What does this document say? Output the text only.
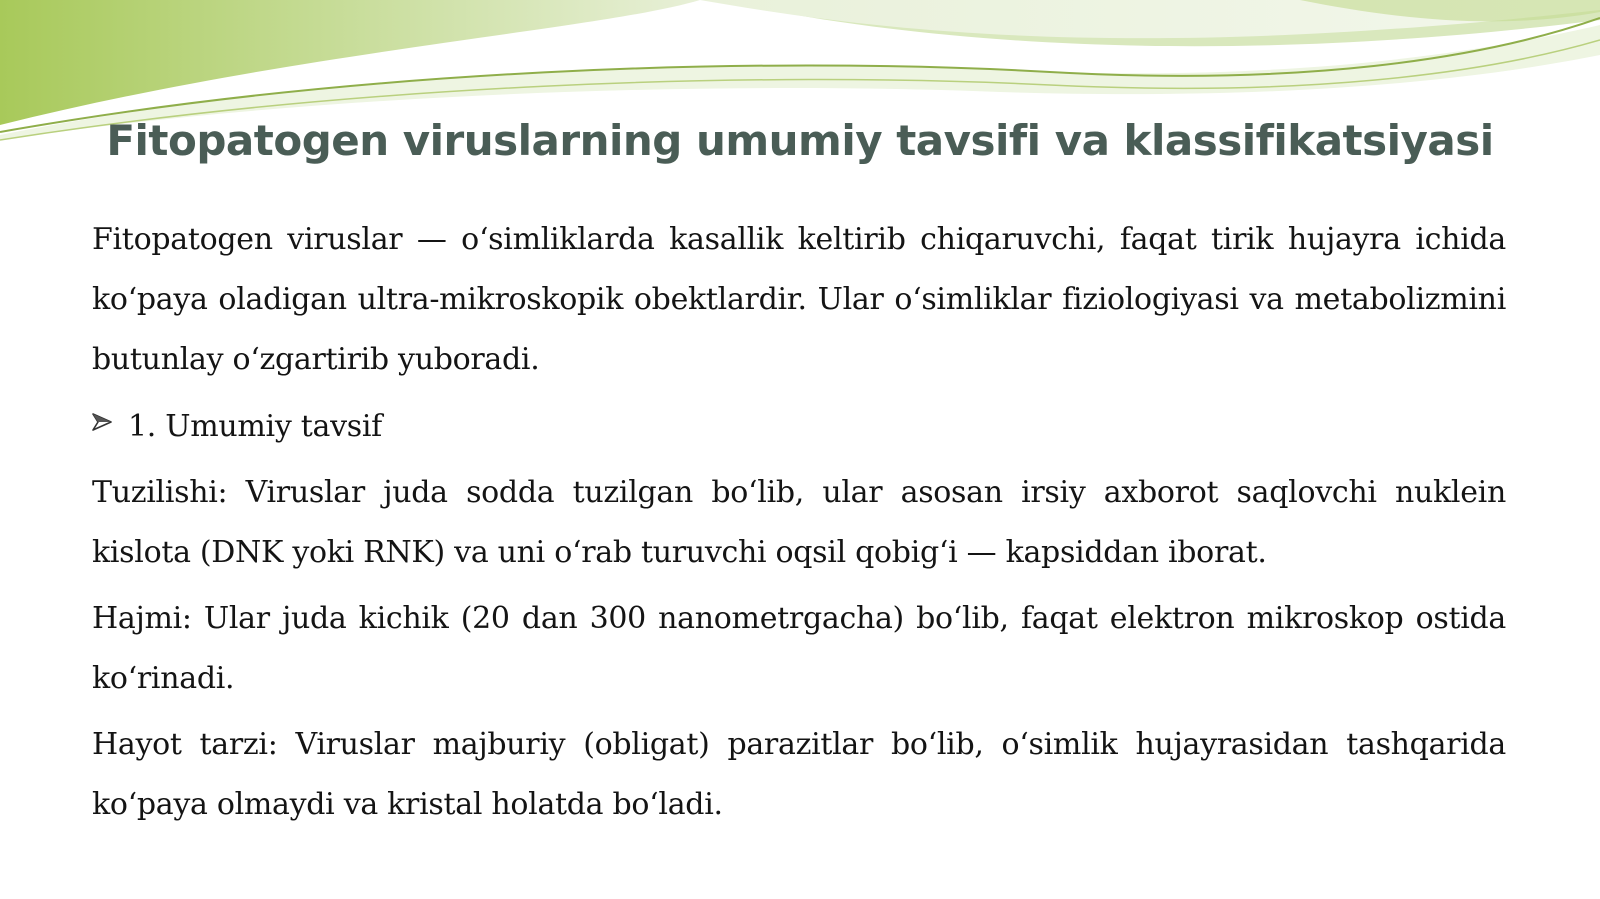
Fitopatogen viruslarning umumiy tavsifi va klassifikatsiyasi
Fitopatogen viruslar — o‘simliklarda kasallik keltirib chiqaruvchi, faqat tirik hujayra ichida ko‘paya oladigan ultra-mikroskopik obektlardir. Ular o‘simliklar fiziologiyasi va metabolizmini butunlay o‘zgartirib yuboradi.
1. Umumiy tavsif
Tuzilishi: Viruslar juda sodda tuzilgan bo‘lib, ular asosan irsiy axborot saqlovchi nuklein kislota (DNK yoki RNK) va uni o‘rab turuvchi oqsil qobig‘i — kapsiddan iborat.
Hajmi: Ular juda kichik (20 dan 300 nanometrgacha) bo‘lib, faqat elektron mikroskop ostida ko‘rinadi.
Hayot tarzi: Viruslar majburiy (obligat) parazitlar bo‘lib, o‘simlik hujayrasidan tashqarida ko‘paya olmaydi va kristal holatda bo‘ladi.
